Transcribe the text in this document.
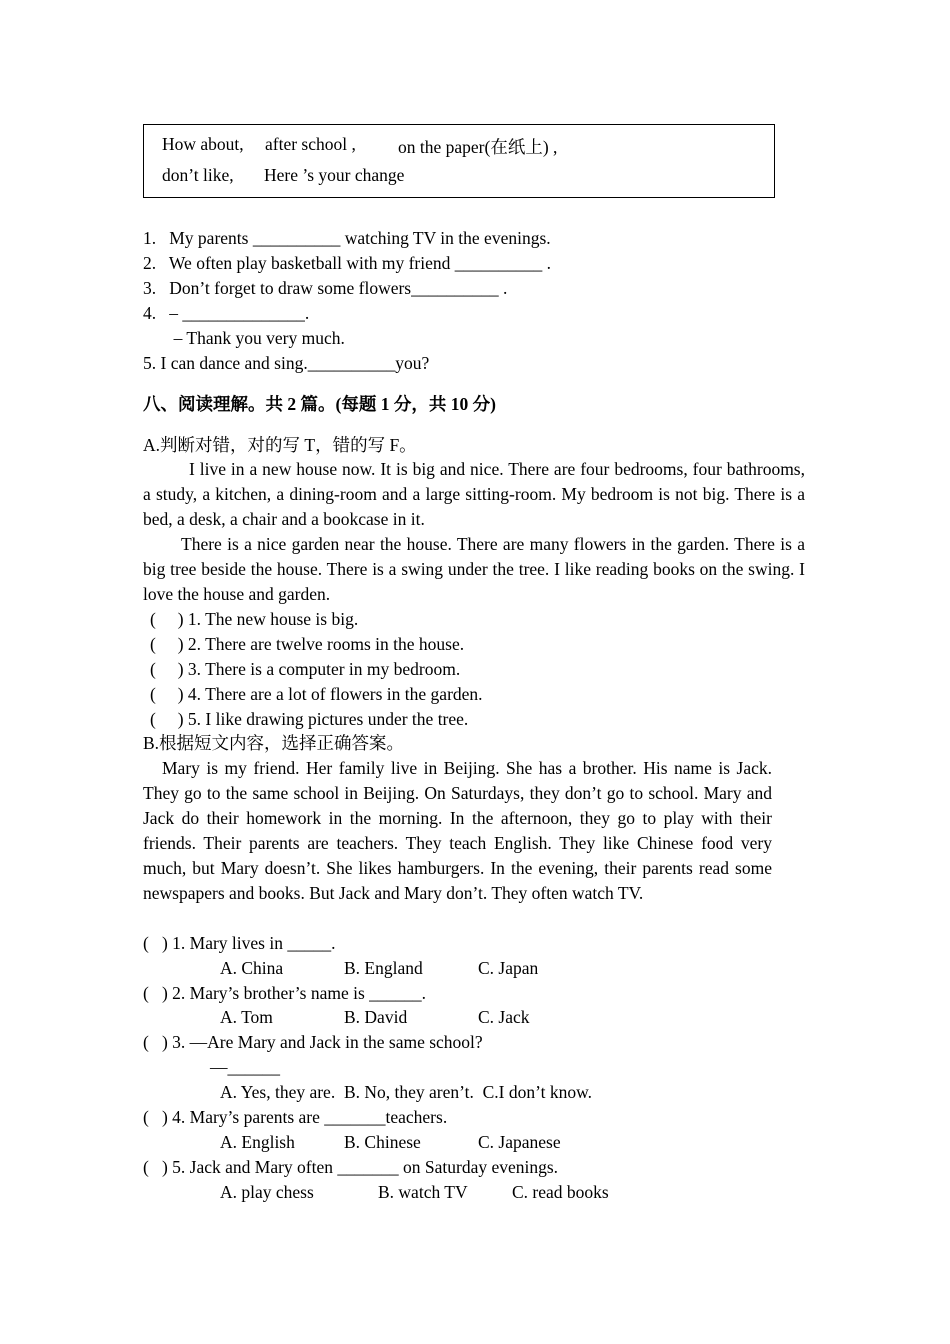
How about, after school , on the paper(在纸上) ,
don’t like, Here ’s your change
1.   My parents __________ watching TV in the evenings.
2.   We often play basketball with my friend __________ .
3.   Don’t forget to draw some flowers__________ .
4.   – ______________.
– Thank you very much.
5. I can dance and sing.__________you?
八、阅读理解。共 2 篇。(每题 1 分，共 10 分)
A.判断对错，对的写 T，错的写 F。
I live in a new house now. It is big and nice. There are four bedrooms, four bathrooms, a study, a kitchen, a dining-room and a large sitting-room. My bedroom is not big. There is a bed, a desk, a chair and a bookcase in it.
There is a nice garden near the house. There are many flowers in the garden. There is a big tree beside the house. There is a swing under the tree. I like reading books on the swing. I love the house and garden.
(     ) 1. The new house is big.
(     ) 2. There are twelve rooms in the house.
(     ) 3. There is a computer in my bedroom.
(     ) 4. There are a lot of flowers in the garden.
(     ) 5. I like drawing pictures under the tree.
B.根据短文内容，选择正确答案。
Mary is my friend. Her family live in Beijing. She has a brother. His name is Jack. They go to the same school in Beijing. On Saturdays, they don’t go to school. Mary and Jack do their homework in the morning. In the afternoon, they go to play with their friends. Their parents are teachers. They teach English. They like Chinese food very much, but Mary doesn’t. She likes hamburgers. In the evening, their parents read some newspapers and books. But Jack and Mary don’t. They often watch TV.
(   ) 1. Mary lives in _____.
A. China	B. England	C. Japan
(   ) 2. Mary’s brother’s name is ______.
A. Tom	B. David	C. Jack
(   ) 3. —Are Mary and Jack in the same school?
—______
A. Yes, they are.  B. No, they aren’t.  C.I don’t know.
(   ) 4. Mary’s parents are _______teachers.
A. English	B. Chinese	C. Japanese
(   ) 5. Jack and Mary often _______ on Saturday evenings.
A. play chess	B. watch TV	C. read books
